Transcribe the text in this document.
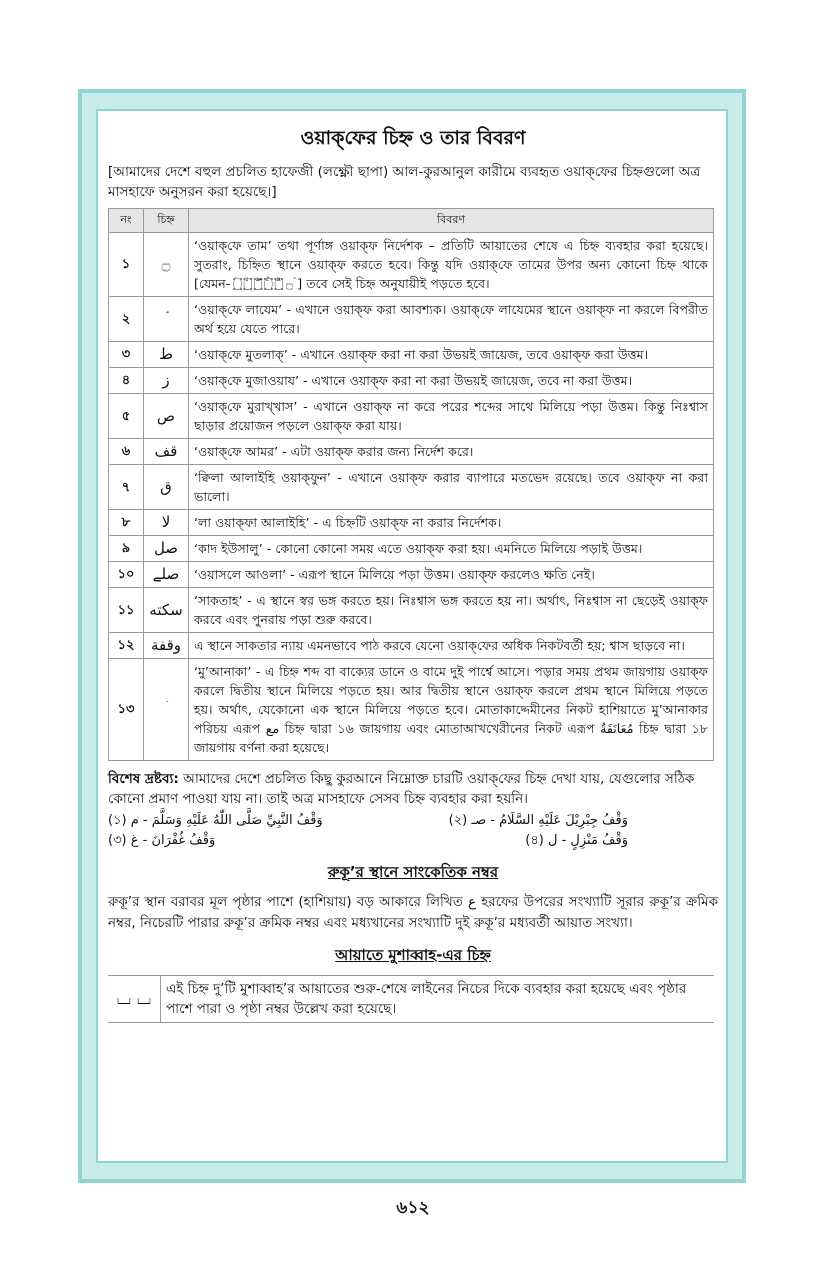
ওয়াক্‌ফের চিহ্ন ও তার বিবরণ
[আমাদের দেশে বহুল প্রচলিত হাফেজী (লক্ষ্ণৌ ছাপা) আল-কুরআনুল কারীমে ব্যবহৃত ওয়াক্‌ফের চিহ্নগুলো অত্র মাসহাফে অনুসরন করা হয়েছে।]
নং	চিহ্ন	বিবরণ
১	۝	‘ওয়াক্‌ফে তাম’ তথা পূর্ণাঙ্গ ওয়াক্‌ফ নির্দেশক – প্রতিটি আয়াতের শেষে এ চিহ্ন ব্যবহার করা হয়েছে। সুতরাং, চিহ্নিত স্থানে ওয়াক্‌ফ করতে হবে। কিন্তু যদি ওয়াক্‌ফে তামের উপর অন্য কোনো চিহ্ন থাকে [যেমন- ۝ۘ ۝ۗ ۝ۚ ۝ۖ ۝ۙ ۝ۛ ] তবে সেই চিহ্ন অনুযায়ীই পড়তে হবে।
২		‘ওয়াক্‌ফে লাযেম’ - এখানে ওয়াক্‌ফ করা আবশ্যক। ওয়াক্‌ফে লাযেমের স্থানে ওয়াক্‌ফ না করলে বিপরীত অর্থ হয়ে যেতে পারে।
৩	ط	‘ওয়াক্‌ফে মুতলাক্’ - এখানে ওয়াক্‌ফ করা না করা উভয়ই জায়েজ, তবে ওয়াক্‌ফ করা উত্তম।
৪	ز	‘ওয়াক্‌ফে মুজাওয়ায’ - এখানে ওয়াক্‌ফ করা না করা উভয়ই জায়েজ, তবে না করা উত্তম।
৫	ص	‘ওয়াক্‌ফে মুরাখ্খাস’ - এখানে ওয়াক্‌ফ না করে পরের শব্দের সাথে মিলিয়ে পড়া উত্তম। কিন্তু নিঃশ্বাস ছাড়ার প্রয়োজন পড়লে ওয়াক্‌ফ করা যায়।
৬	قف	‘ওয়াক্‌ফে আমর’ - এটা ওয়াক্‌ফ করার জন্য নির্দেশ করে।
৭	ق	‘ক্বিলা আলাইহি ওয়াক্‌ফুন’ - এখানে ওয়াক্‌ফ করার ব্যাপারে মতভেদ রয়েছে। তবে ওয়াক্‌ফ না করা ভালো।
৮	لا	‘লা ওয়াক্‌ফা আলাইহি’ - এ চিহ্নটি ওয়াক্‌ফ না করার নির্দেশক।
৯	صل	‘কাদ ইউসালু’ - কোনো কোনো সময় এতে ওয়াক্‌ফ করা হয়। এমনিতে মিলিয়ে পড়াই উত্তম।
১০	صلے	‘ওয়াসলে আওলা’ - এরূপ স্থানে মিলিয়ে পড়া উত্তম। ওয়াক্‌ফ করলেও ক্ষতি নেই।
১১	سكته	‘সাকতাহ’ - এ স্থানে স্বর ভঙ্গ করতে হয়। নিঃশ্বাস ভঙ্গ করতে হয় না। অর্থাৎ, নিঃশ্বাস না ছেড়েই ওয়াক্‌ফ করবে এবং পুনরায় পড়া শুরু করবে।
১২	وقفة	এ স্থানে সাকতার ন্যায় এমনভাবে পাঠ করবে যেনো ওয়াক্‌ফের অধিক নিকটবর্তী হয়; শ্বাস ছাড়বে না।
১৩		‘মু’আনাকা’ - এ চিহ্ন শব্দ বা বাক্যের ডানে ও বামে দুই পার্শ্বে আসে। পড়ার সময় প্রথম জায়গায় ওয়াক্‌ফ করলে দ্বিতীয় স্থানে মিলিয়ে পড়তে হয়। আর দ্বিতীয় স্থানে ওয়াক্‌ফ করলে প্রথম স্থানে মিলিয়ে পড়তে হয়। অর্থাৎ, যেকোনো এক স্থানে মিলিয়ে পড়তে হবে। মোতাকাদ্দেমীনের নিকট হাশিয়াতে মু’আনাকার পরিচয় এরূপ مع চিহ্ন দ্বারা ১৬ জায়গায় এবং মোতাআখখেরীনের নিকট এরূপ مُعَانَقَةٌ চিহ্ন দ্বারা ১৮ জায়গায় বর্ণনা করা হয়েছে।
বিশেষ দ্রষ্টব্য: আমাদের দেশে প্রচলিত কিছু কুরআনে নিম্নোক্ত চারটি ওয়াক্‌ফের চিহ্ন দেখা যায়, যেগুলোর সঠিক কোনো প্রমাণ পাওয়া যায় না। তাই অত্র মাসহাফে সেসব চিহ্ন ব্যবহার করা হয়নি।
(১) وَقْفُ النَّبِيِّ صَلَّى اللّٰهُ عَلَيْهِ وَسَلَّمَ - م	(২) وَقْفُ جِبْرِيْلَ عَلَيْهِ السَّلَامُ - صـ
(৩) وَقْفُ غُفْرَانَ - غ	(৪) وَقْفُ مَنْزِلٍ - ل
রুকূ’র স্থানে সাংকেতিক নম্বর
রুকূ’র স্থান বরাবর মূল পৃষ্ঠার পাশে (হাশিয়ায়) বড় আকারে লিখিত ع হরফের উপরের সংখ্যাটি সূরার রুকূ’র ক্রমিক নম্বর, নিচেরটি পারার রুকূ’র ক্রমিক নম্বর এবং মধ্যখানের সংখ্যাটি দুই রুকূ’র মধ্যবর্তী আয়াত সংখ্যা।
আয়াতে মুশাব্বাহ-এর চিহ্ন
⌴ ⌴	এই চিহ্ন দু’টি মুশাব্বাহ’র আয়াতের শুরু-শেষে লাইনের নিচের দিকে ব্যবহার করা হয়েছে এবং পৃষ্ঠার পাশে পারা ও পৃষ্ঠা নম্বর উল্লেখ করা হয়েছে।
৬১২
